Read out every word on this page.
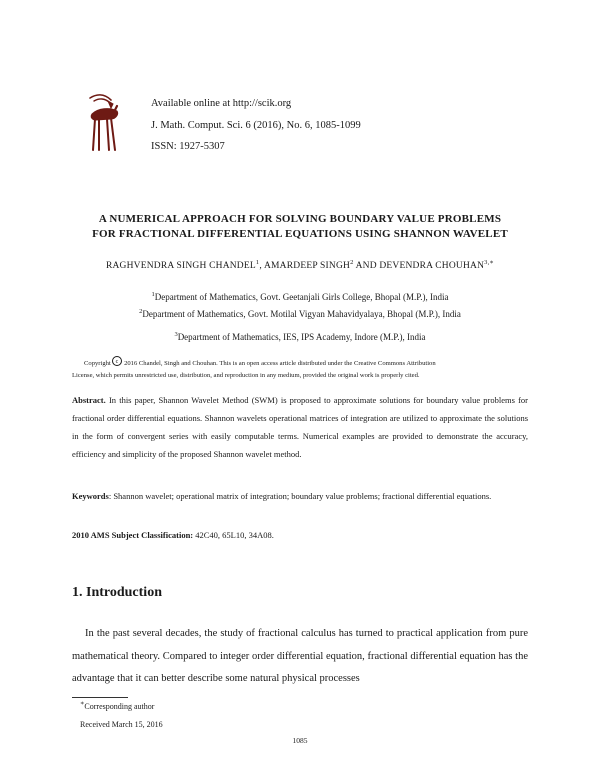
Available online at http://scik.org
J. Math. Comput. Sci. 6 (2016), No. 6, 1085-1099
ISSN: 1927-5307
A NUMERICAL APPROACH FOR SOLVING BOUNDARY VALUE PROBLEMS
FOR FRACTIONAL DIFFERENTIAL EQUATIONS USING SHANNON WAVELET
RAGHVENDRA SINGH CHANDEL$^1$, AMARDEEP SINGH$^2$ AND DEVENDRA $CHOUHAN^{3,∗}$
$^1$Department of Mathematics, Govt. Geetanjali Girls College, Bhopal (M.P.), India
$^2$Department of Mathematics, Govt. Motilal Vigyan Mahavidyalaya, Bhopal (M.P.), India
$^3$Department of Mathematics, IES, IPS Academy, Indore (M.P.), India

Copyright c 2016 Chandel, Singh and Chouhan. This is an open access article distributed under the Creative Commons Attribution

License, which permits unrestricted use, distribution, and reproduction in any medium, provided the original work is properly cited.

Abstract. In this paper, Shannon Wavelet Method (SWM) is proposed to approximate solutions for boundary value problems for fractional order differential equations. Shannon wavelets operational matrices of integration are utilized to approximate the solutions in the form of convergent series with easily computable terms. Numerical examples are provided to demonstrate the accuracy, efficiency and simplicity of the proposed Shannon wavelet method.
Keywords: Shannon wavelet; operational matrix of integration; boundary value problems; fractional differential equations.
2010 AMS Subject Classification: 42C40, 65L10, 34A08.
1. Introduction
In the past several decades, the study of fractional calculus has turned to practical application from pure mathematical theory. Compared to integer order differential equation, fractional differential equation has the advantage that it can better describe some natural physical processes
∗Corresponding author
Received March 15, 2016
1085
